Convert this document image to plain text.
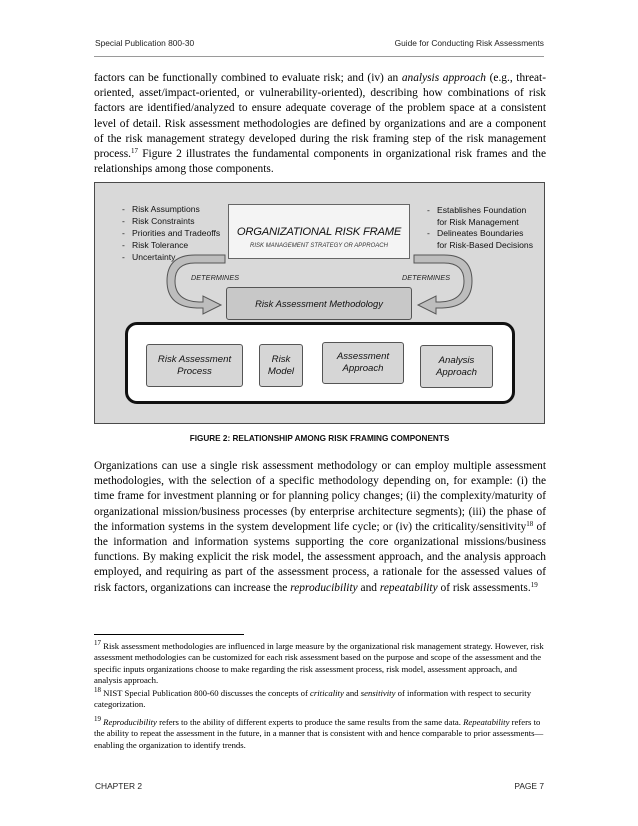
Special Publication 800-30	Guide for Conducting Risk Assessments

factors can be functionally combined to evaluate risk; and (iv) an analysis approach (e.g., threat-oriented, asset/impact-oriented, or vulnerability-oriented), describing how combinations of risk factors are identified/analyzed to ensure adequate coverage of the problem space at a consistent level of detail. Risk assessment methodologies are defined by organizations and are a component of the risk management strategy developed during the risk framing step of the risk management process.$^{17}$ Figure 2 illustrates the fundamental components in organizational risk frames and the relationships among those components.

- Risk Assumptions
- Risk Constraints
- Priorities and Tradeoffs
- Risk Tolerance
- Uncertainty
- Establishes Foundation
for Risk Management
- Delineates Boundaries
for Risk-Based Decisions
ORGANIZATIONAL RISK FRAME
RISK MANAGEMENT STRATEGY OR APPROACH
DETERMINES	DETERMINES
Risk Assessment Methodology
Risk Assessment
Process
Risk
Model
Assessment
Approach
Analysis
Approach
FIGURE 2: RELATIONSHIP AMONG RISK FRAMING COMPONENTS

Organizations can use a single risk assessment methodology or can employ multiple assessment methodologies, with the selection of a specific methodology depending on, for example: (i) the time frame for investment planning or for planning policy changes; (ii) the complexity/maturity of organizational mission/business processes (by enterprise architecture segments); (iii) the phase of the information systems in the system development life cycle; or (iv) the criticality/sensitivity$^{18}$ of the information and information systems supporting the core organizational missions/business functions. By making explicit the risk model, the assessment approach, and the analysis approach employed, and requiring as part of the assessment process, a rationale for the assessed values of risk factors, organizations can increase the reproducibility and repeatability of risk assessments.$^{19}$

$^{17}$ Risk assessment methodologies are influenced in large measure by the organizational risk management strategy. However, risk assessment methodologies can be customized for each risk assessment based on the purpose and scope of the assessment and the specific inputs organizations choose to make regarding the risk assessment process, risk model, assessment approach, and analysis approach.

$^{18}$ NIST Special Publication 800-60 discusses the concepts of criticality and sensitivity of information with respect to security categorization.

$^{19}$ Reproducibility refers to the ability of different experts to produce the same results from the same data. Repeatability refers to the ability to repeat the assessment in the future, in a manner that is consistent with and hence comparable to prior assessments—enabling the organization to identify trends.

CHAPTER 2	PAGE 7
